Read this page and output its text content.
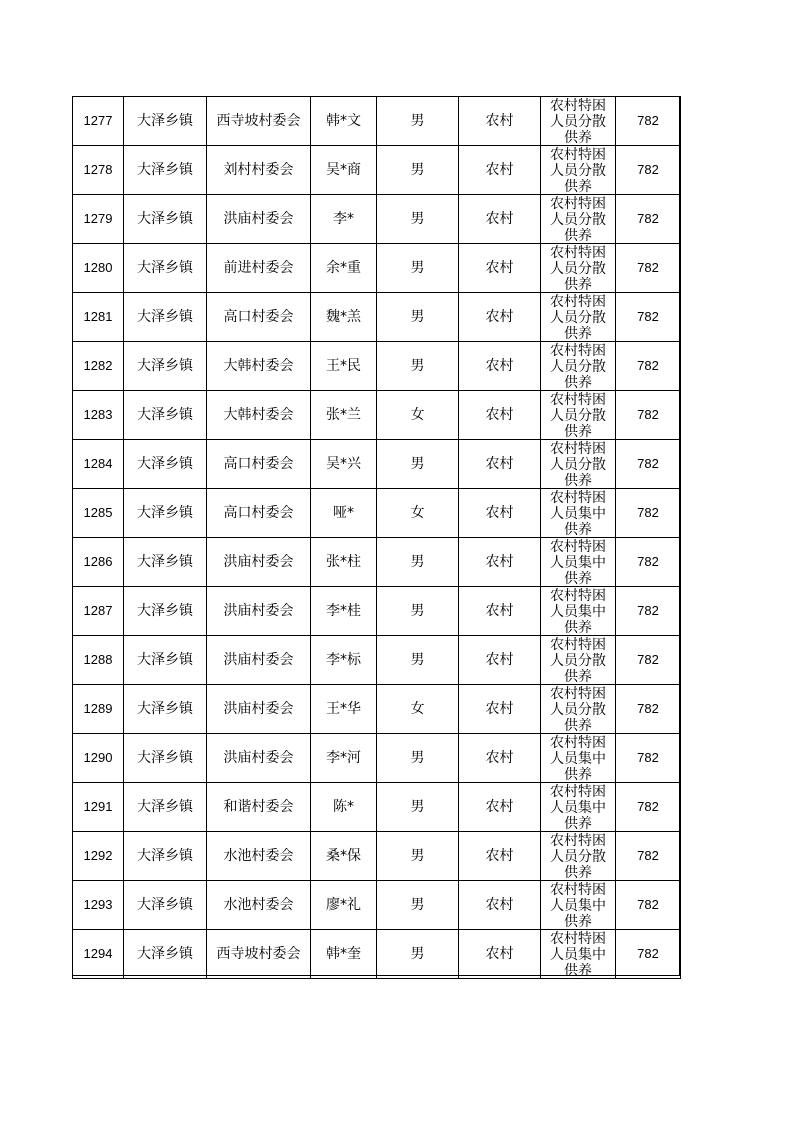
1277	大泽乡镇	西寺坡村委会	韩*文	男	农村	农村特困人员分散供养	782
1278	大泽乡镇	刘村村委会	吴*商	男	农村	农村特困人员分散供养	782
1279	大泽乡镇	洪庙村委会	李*	男	农村	农村特困人员分散供养	782
1280	大泽乡镇	前进村委会	余*重	男	农村	农村特困人员分散供养	782
1281	大泽乡镇	高口村委会	魏*羔	男	农村	农村特困人员分散供养	782
1282	大泽乡镇	大韩村委会	王*民	男	农村	农村特困人员分散供养	782
1283	大泽乡镇	大韩村委会	张*兰	女	农村	农村特困人员分散供养	782
1284	大泽乡镇	高口村委会	吴*兴	男	农村	农村特困人员分散供养	782
1285	大泽乡镇	高口村委会	哑*	女	农村	农村特困人员集中供养	782
1286	大泽乡镇	洪庙村委会	张*柱	男	农村	农村特困人员集中供养	782
1287	大泽乡镇	洪庙村委会	李*桂	男	农村	农村特困人员集中供养	782
1288	大泽乡镇	洪庙村委会	李*标	男	农村	农村特困人员分散供养	782
1289	大泽乡镇	洪庙村委会	王*华	女	农村	农村特困人员分散供养	782
1290	大泽乡镇	洪庙村委会	李*河	男	农村	农村特困人员集中供养	782
1291	大泽乡镇	和谐村委会	陈*	男	农村	农村特困人员集中供养	782
1292	大泽乡镇	水池村委会	桑*保	男	农村	农村特困人员分散供养	782
1293	大泽乡镇	水池村委会	廖*礼	男	农村	农村特困人员集中供养	782
1294	大泽乡镇	西寺坡村委会	韩*奎	男	农村	农村特困人员集中供养	782
